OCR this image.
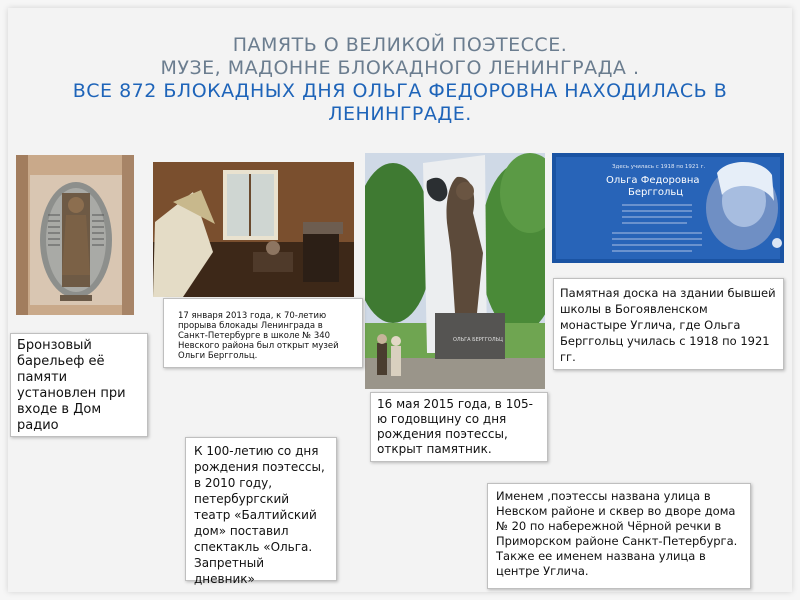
ПАМЯТЬ О ВЕЛИКОЙ ПОЭТЕССЕ.
МУЗЕ, МАДОННЕ БЛОКАДНОГО ЛЕНИНГРАДА .
ВСЕ 872 БЛОКАДНЫХ ДНЯ ОЛЬГА ФЕДОРОВНА НАХОДИЛАСЬ В ЛЕНИНГРАДЕ.
ОЛЬГА БЕРГГОЛЬЦ
Здесь училась с 1918 по 1921 г.
Ольга Федоровна
Берггольц
Бронзовый барельеф её памяти установлен при входе в Дом радио
17 января 2013 года, к 70-летию прорыва блокады Ленинграда в Санкт-Петербурге в школе № 340 Невского района был открыт музей Ольги Берггольц.
16 мая 2015 года, в 105-ю годовщину со дня рождения поэтессы, открыт памятник.
К 100-летию со дня рождения поэтессы, в 2010 году, петербургский театр «Балтийский дом» поставил спектакль «Ольга. Запретный дневник»
Памятная доска на здании бывшей школы в Богоявленском монастыре Углича, где Ольга Берггольц училась с 1918 по 1921 гг.
Именем ,поэтессы названа улица в Невском районе и сквер во дворе дома № 20 по набережной Чёрной речки в Приморском районе Санкт-Петербурга. Также ее именем названа улица в центре Углича.
